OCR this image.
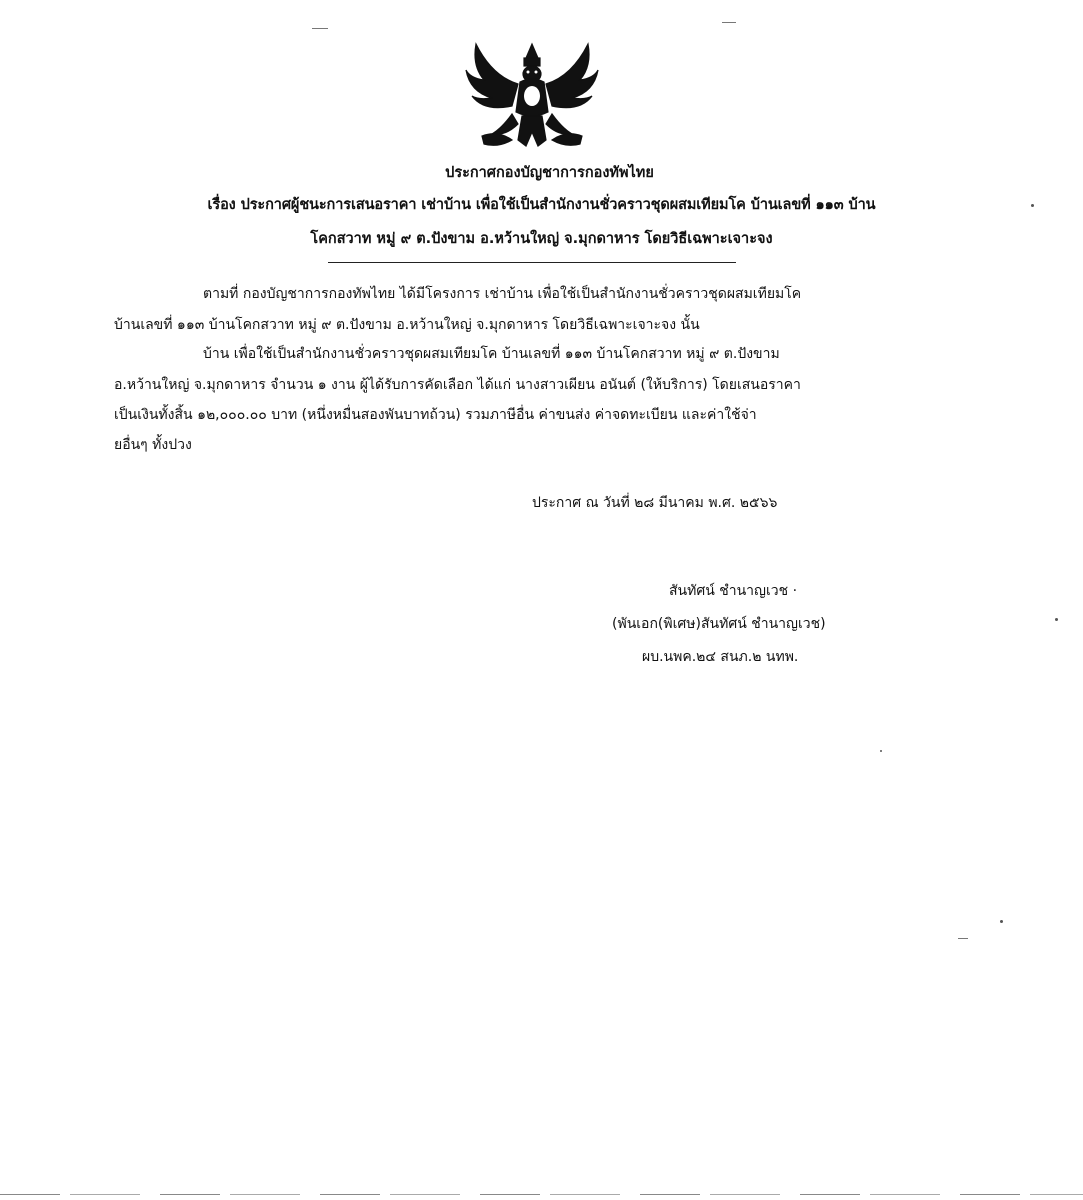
ประกาศกองบัญชาการกองทัพไทย
เรื่อง ประกาศผู้ชนะการเสนอราคา เช่าบ้าน เพื่อใช้เป็นสำนักงานชั่วคราวชุดผสมเทียมโค บ้านเลขที่ ๑๑๓ บ้าน
โคกสวาท หมู่ ๙ ต.ปังขาม อ.หว้านใหญ่ จ.มุกดาหาร โดยวิธีเฉพาะเจาะจง
ตามที่ กองบัญชาการกองทัพไทย ได้มีโครงการ เช่าบ้าน เพื่อใช้เป็นสำนักงานชั่วคราวชุดผสมเทียมโค
บ้านเลขที่ ๑๑๓ บ้านโคกสวาท หมู่ ๙ ต.ปังขาม อ.หว้านใหญ่ จ.มุกดาหาร โดยวิธีเฉพาะเจาะจง นั้น
บ้าน เพื่อใช้เป็นสำนักงานชั่วคราวชุดผสมเทียมโค บ้านเลขที่ ๑๑๓ บ้านโคกสวาท หมู่ ๙ ต.ปังขาม
อ.หว้านใหญ่ จ.มุกดาหาร จำนวน ๑ งาน ผู้ได้รับการคัดเลือก ได้แก่ นางสาวเผียน อนันต์ (ให้บริการ) โดยเสนอราคา
เป็นเงินทั้งสิ้น ๑๒,๐๐๐.๐๐ บาท (หนึ่งหมื่นสองพันบาทถ้วน) รวมภาษีอื่น ค่าขนส่ง ค่าจดทะเบียน และค่าใช้จ่า
ยอื่นๆ ทั้งปวง
ประกาศ ณ วันที่ ๒๘ มีนาคม พ.ศ. ๒๕๖๖
สันทัศน์ ชำนาญเวช ·
(พันเอก(พิเศษ)สันทัศน์ ชำนาญเวช)
ผบ.นพค.๒๔ สนภ.๒ นทพ.
